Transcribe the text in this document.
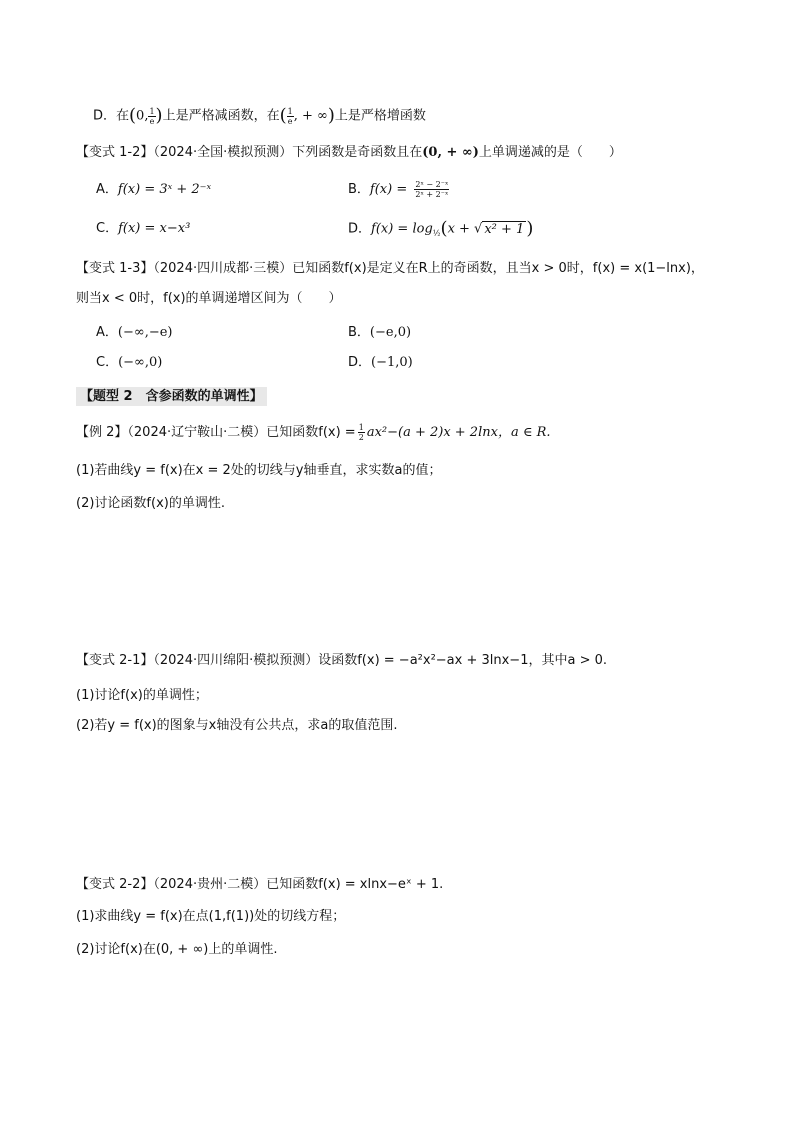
D．在(0, $\frac{1}{e}$ )上是严格减函数，在( $\frac{1}{e}$ , + ∞)上是严格增函数
【变式 1-2】（2024·全国·模拟预测）下列函数是奇函数且在(0, + ∞)上单调递减的是（　　）
A．f(x) = 3ˣ + 2⁻ˣ	B．$f(x) = \frac{\text{2ˣ − 2⁻ˣ}}{\text{2ˣ + 2⁻ˣ}}$
C．f(x) = x−x³	D．$f(x) = \log_{\frac{1}{2}}(x$ + √ x² + 1 )
【变式 1-3】（2024·四川成都·三模）已知函数f(x)是定义在R上的奇函数，且当x > 0时，f(x) = x(1−lnx)，
则当x < 0时，f(x)的单调递增区间为（　　）
A．(−∞,−e)	B．(−e,0)
C．(−∞,0)	D．(−1,0)
【题型 2　含参函数的单调性】
【例 2】（2024·辽宁鞍山·二模）已知函数$f(x) = \frac{1}{2} ax^2-(a + 2)x + 2\ln x$，a ∈ R.
(1)若曲线y = f(x)在x = 2处的切线与y轴垂直，求实数a的值；
(2)讨论函数f(x)的单调性.
【变式 2-1】（2024·四川绵阳·模拟预测）设函数f(x) = −a²x²−ax + 3lnx−1，其中a > 0.
(1)讨论f(x)的单调性；
(2)若y = f(x)的图象与x轴没有公共点，求a的取值范围.
【变式 2-2】（2024·贵州·二模）已知函数f(x) = xlnx−eˣ + 1.
(1)求曲线y = f(x)在点(1,f(1))处的切线方程；
(2)讨论f(x)在(0, + ∞)上的单调性.
